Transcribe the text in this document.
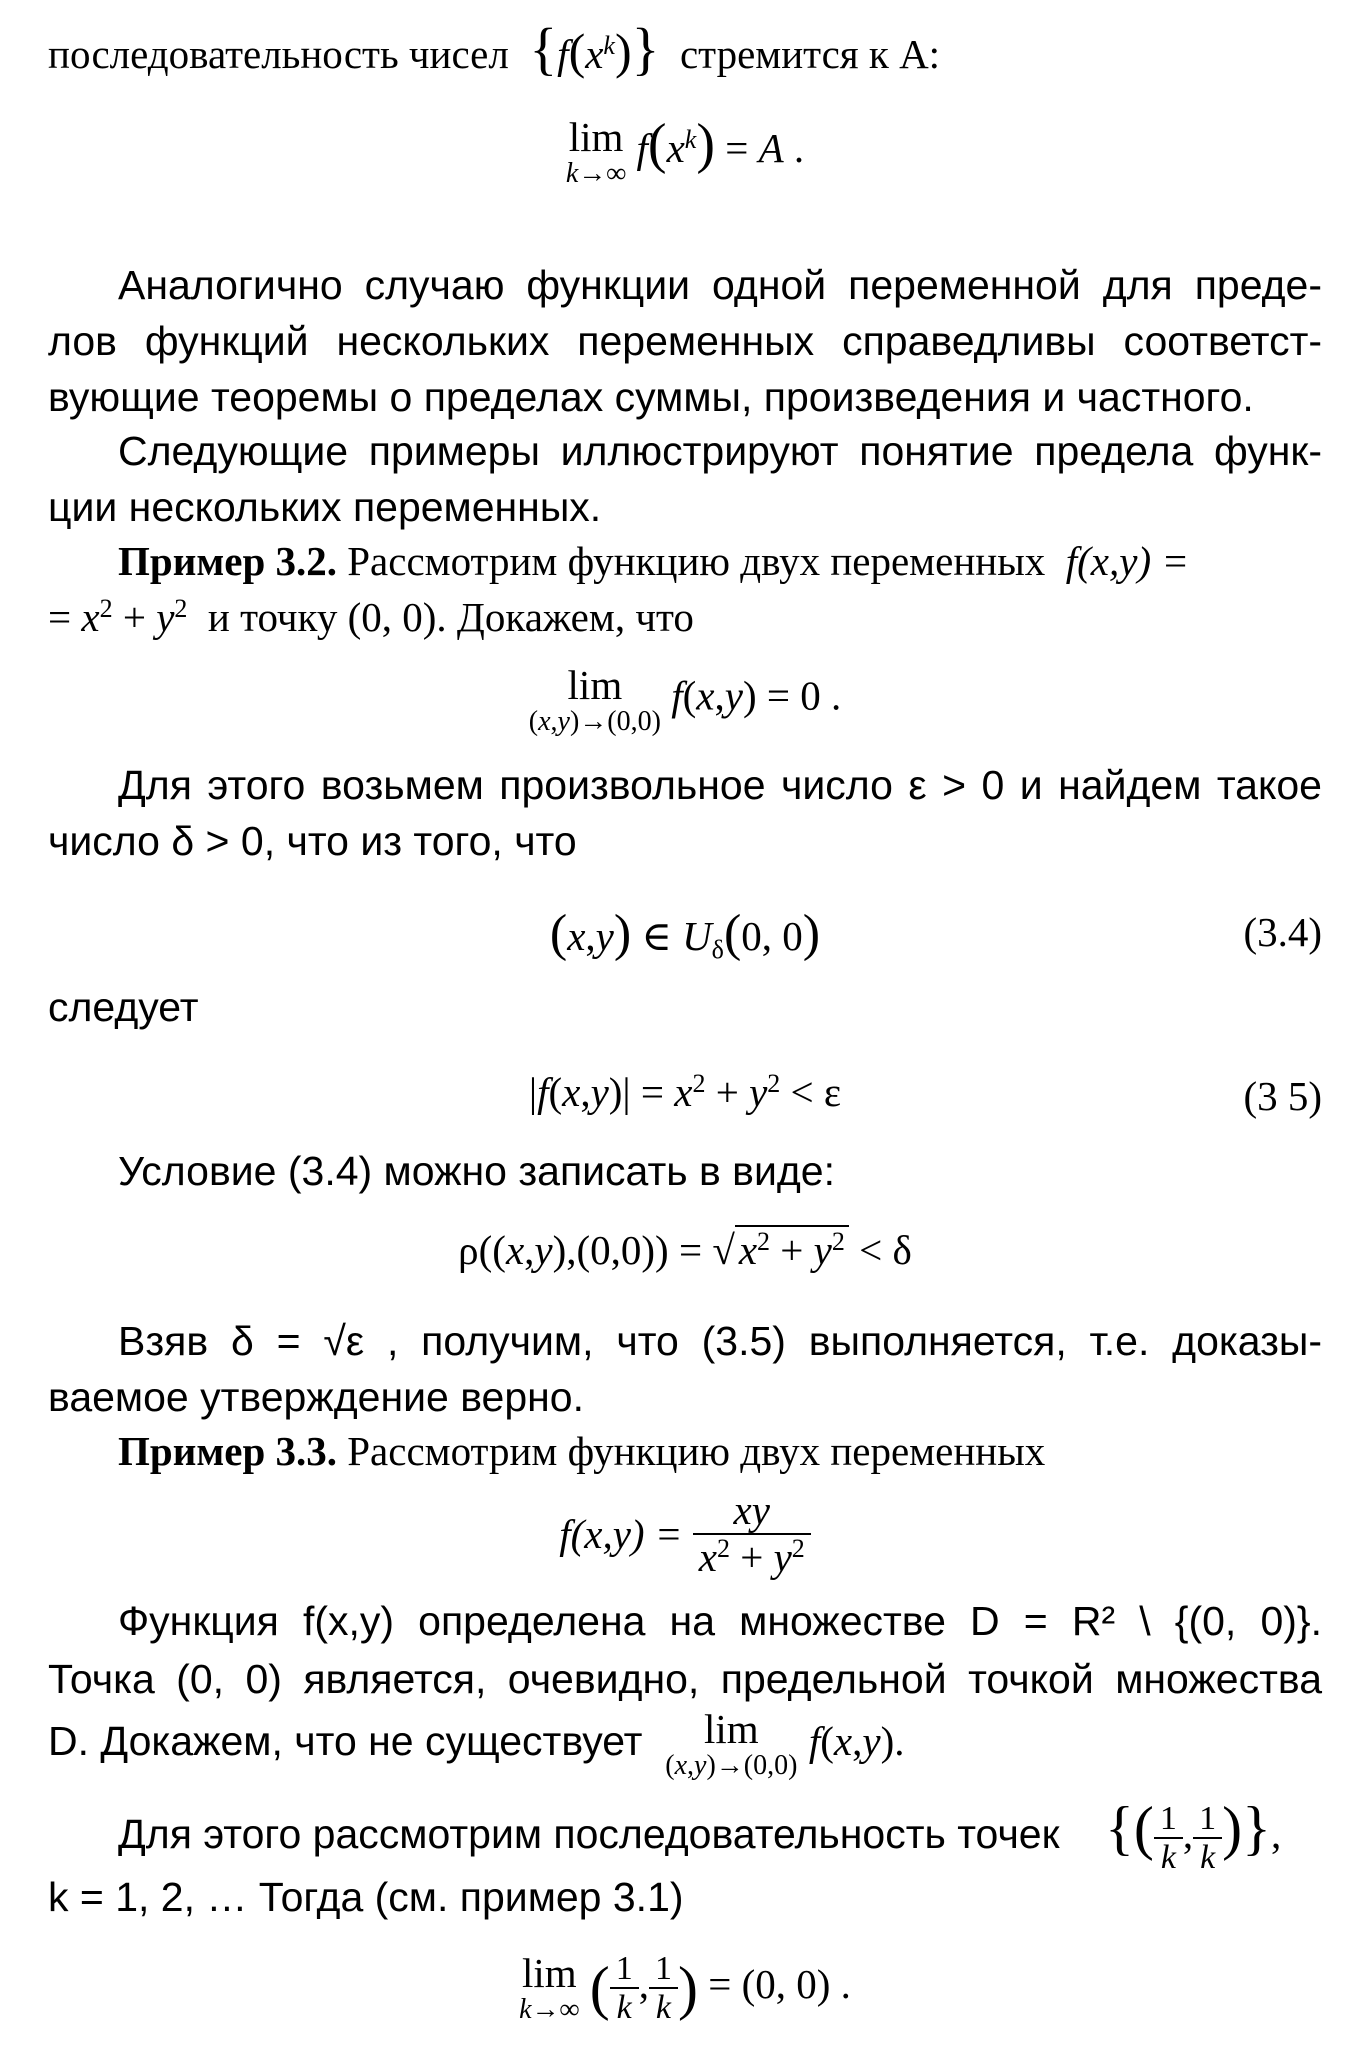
последовательность чисел $\{f(x^k)\}$ стремится к A:
lim
k→∞
$f(x^k) = A$ .
Аналогично случаю функции одной переменной для преде-
лов функций нескольких переменных справедливы соответст-
вующие теоремы о пределах суммы, произведения и частного.
Следующие примеры иллюстрируют понятие предела функ-
ции нескольких переменных.
Пример 3.2. Рассмотрим функцию двух переменных f(x,y) =
= $x^2 + y^2$ и точку (0, 0). Докажем, что
lim
(x,y)→(0,0)
f(x,y) = 0 .
Для этого возьмем произвольное число ε > 0 и найдем такое
число δ > 0, что из того, что
(x,y) ∈ $U_\delta(0$, 0)	(3.4)
следует
$|f(x,y)| = x^2 + y^2 < \varepsilon$	(3 5)
Условие (3.4) можно записать в виде:
$\rho((x,y),(0,0)) = √x^2 + y^2 < \delta$
Взяв δ = √ε , получим, что (3.5) выполняется, т.е. доказы-
ваемое утверждение верно.
Пример 3.3. Рассмотрим функцию двух переменных
$f(x,y) = \frac{xy}{x^2 + y^2}$
Функция f(x,y) определена на множестве D = R² \ {(0, 0)}.
Точка (0, 0) является, очевидно, предельной точкой множества
D. Докажем, что не существует lim
(x,y)→(0,0)
f(x,y).
Для этого рассмотрим последовательность точек {( $\frac{1}{k}$ , $\frac{1}{k}$ )},
k = 1, 2, … Тогда (см. пример 3.1)
lim
k→∞ ( $\frac{1}{k}$ , $\frac{1}{k}$ ) = (0, 0) .
